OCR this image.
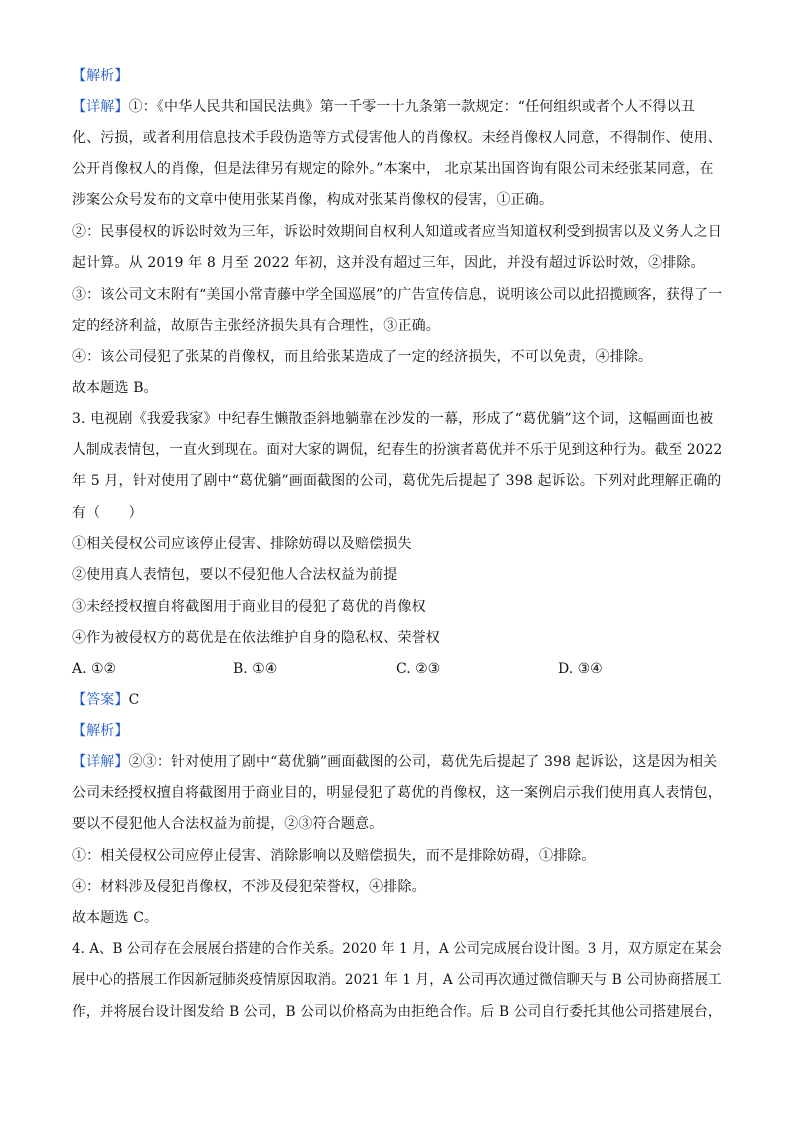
【解析】
【详解】①：《中华人民共和国民法典》第一千零一十九条第一款规定：“任何组织或者个人不得以丑
化、污损，或者利用信息技术手段伪造等方式侵害他人的肖像权。未经肖像权人同意，不得制作、使用、
公开肖像权人的肖像，但是法律另有规定的除外。”本案中， 北京某出国咨询有限公司未经张某同意，在
涉案公众号发布的文章中使用张某肖像，构成对张某肖像权的侵害，①正确。
②：民事侵权的诉讼时效为三年，诉讼时效期间自权利人知道或者应当知道权利受到损害以及义务人之日
起计算。从 2019 年 8 月至 2022 年初，这并没有超过三年，因此，并没有超过诉讼时效，②排除。
③：该公司文末附有“美国小常青藤中学全国巡展”的广告宣传信息，说明该公司以此招揽顾客，获得了一
定的经济利益，故原告主张经济损失具有合理性，③正确。
④：该公司侵犯了张某的肖像权，而且给张某造成了一定的经济损失，不可以免责，④排除。
故本题选 B。
3. 电视剧《我爱我家》中纪春生懒散歪斜地躺靠在沙发的一幕，形成了“葛优躺”这个词，这幅画面也被
人制成表情包，一直火到现在。面对大家的调侃，纪春生的扮演者葛优并不乐于见到这种行为。截至 2022
年 5 月，针对使用了剧中“葛优躺”画面截图的公司，葛优先后提起了 398 起诉讼。下列对此理解正确的
有（　　）
①相关侵权公司应该停止侵害、排除妨碍以及赔偿损失
②使用真人表情包，要以不侵犯他人合法权益为前提
③未经授权擅自将截图用于商业目的侵犯了葛优的肖像权
④作为被侵权方的葛优是在依法维护自身的隐私权、荣誉权
A. ①②	B. ①④	C. ②③	D. ③④
【答案】C
【解析】
【详解】②③：针对使用了剧中“葛优躺”画面截图的公司，葛优先后提起了 398 起诉讼，这是因为相关
公司未经授权擅自将截图用于商业目的，明显侵犯了葛优的肖像权，这一案例启示我们使用真人表情包，
要以不侵犯他人合法权益为前提，②③符合题意。
①：相关侵权公司应停止侵害、消除影响以及赔偿损失，而不是排除妨碍，①排除。
④：材料涉及侵犯肖像权，不涉及侵犯荣誉权，④排除。
故本题选 C。
4. A、B 公司存在会展展台搭建的合作关系。2020 年 1 月，A 公司完成展台设计图。3 月，双方原定在某会
展中心的搭展工作因新冠肺炎疫情原因取消。2021 年 1 月，A 公司再次通过微信聊天与 B 公司协商搭展工
作，并将展台设计图发给 B 公司，B 公司以价格高为由拒绝合作。后 B 公司自行委托其他公司搭建展台，
